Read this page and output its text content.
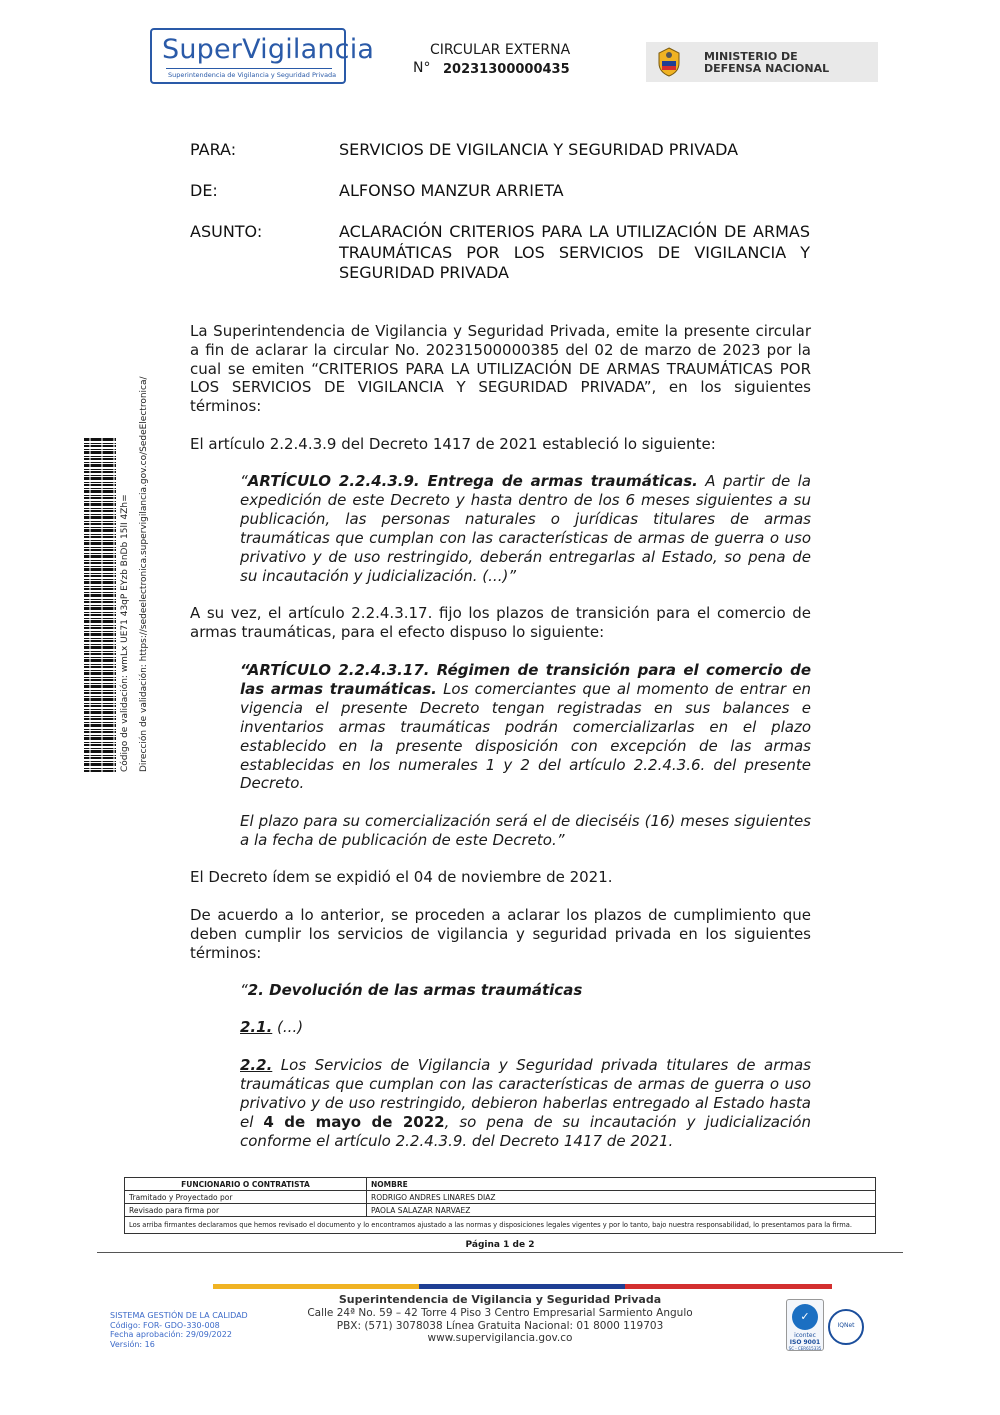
SuperVigilancia
Superintendencia de Vigilancia y Seguridad Privada
CIRCULAR EXTERNA
N° 20231300000435
MINISTERIO DE DEFENSA NACIONAL
PARA:	SERVICIOS DE VIGILANCIA Y SEGURIDAD PRIVADA
DE:	ALFONSO MANZUR ARRIETA
ASUNTO:	ACLARACIÓN CRITERIOS PARA LA UTILIZACIÓN DE ARMAS TRAUMÁTICAS POR LOS SERVICIOS DE VIGILANCIA Y SEGURIDAD PRIVADA
La Superintendencia de Vigilancia y Seguridad Privada, emite la presente circular a fin de aclarar la circular No. 20231500000385 del 02 de marzo de 2023 por la cual se emiten “CRITERIOS PARA LA UTILIZACIÓN DE ARMAS TRAUMÁTICAS POR LOS SERVICIOS DE VIGILANCIA Y SEGURIDAD PRIVADA”, en los siguientes términos:
El artículo 2.2.4.3.9 del Decreto 1417 de 2021 estableció lo siguiente:
“ARTÍCULO 2.2.4.3.9. Entrega de armas traumáticas. A partir de la expedición de este Decreto y hasta dentro de los 6 meses siguientes a su publicación, las personas naturales o jurídicas titulares de armas traumáticas que cumplan con las características de armas de guerra o uso privativo y de uso restringido, deberán entregarlas al Estado, so pena de su incautación y judicialización. (...)”
A su vez, el artículo 2.2.4.3.17. fijo los plazos de transición para el comercio de armas traumáticas, para el efecto dispuso lo siguiente:
“ARTÍCULO 2.2.4.3.17. Régimen de transición para el comercio de las armas traumáticas. Los comerciantes que al momento de entrar en vigencia el presente Decreto tengan registradas en sus balances e inventarios armas traumáticas podrán comercializarlas en el plazo establecido en la presente disposición con excepción de las armas establecidas en los numerales 1 y 2 del artículo 2.2.4.3.6. del presente Decreto.
El plazo para su comercialización será el de dieciséis (16) meses siguientes a la fecha de publicación de este Decreto.”
El Decreto ídem se expidió el 04 de noviembre de 2021.
De acuerdo a lo anterior, se proceden a aclarar los plazos de cumplimiento que deben cumplir los servicios de vigilancia y seguridad privada en los siguientes términos:
“2. Devolución de las armas traumáticas
2.1. (...)
2.2. Los Servicios de Vigilancia y Seguridad privada titulares de armas traumáticas que cumplan con las características de armas de guerra o uso privativo y de uso restringido, debieron haberlas entregado al Estado hasta el 4 de mayo de 2022, so pena de su incautación y judicialización conforme el artículo 2.2.4.3.9. del Decreto 1417 de 2021.
Código de validación: wmLx UE71 43qP EYzb BnDb 15lI 4Zh= Dirección de validación: https://sedeelectronica.supervigilancia.gov.co/SedeElectronica/
FUNCIONARIO O CONTRATISTA	NOMBRE
Tramitado y Proyectado por	RODRIGO ANDRES LINARES DIAZ
Revisado para firma por	PAOLA SALAZAR NARVAEZ
Los arriba firmantes declaramos que hemos revisado el documento y lo encontramos ajustado a las normas y disposiciones legales vigentes y por lo tanto, bajo nuestra responsabilidad, lo presentamos para la firma.	
Página 1 de 2
SISTEMA GESTIÓN DE LA CALIDAD
Código: FOR- GDO-330-008
Fecha aprobación: 29/09/2022
Versión: 16
Superintendencia de Vigilancia y Seguridad Privada
Calle 24ª No. 59 – 42 Torre 4 Piso 3 Centro Empresarial Sarmiento Angulo
PBX: (571) 3078038 Línea Gratuita Nacional: 01 8000 119703
www.supervigilancia.gov.co
✓
icontec
ISO 9001
SC - CER615335
IQNet
